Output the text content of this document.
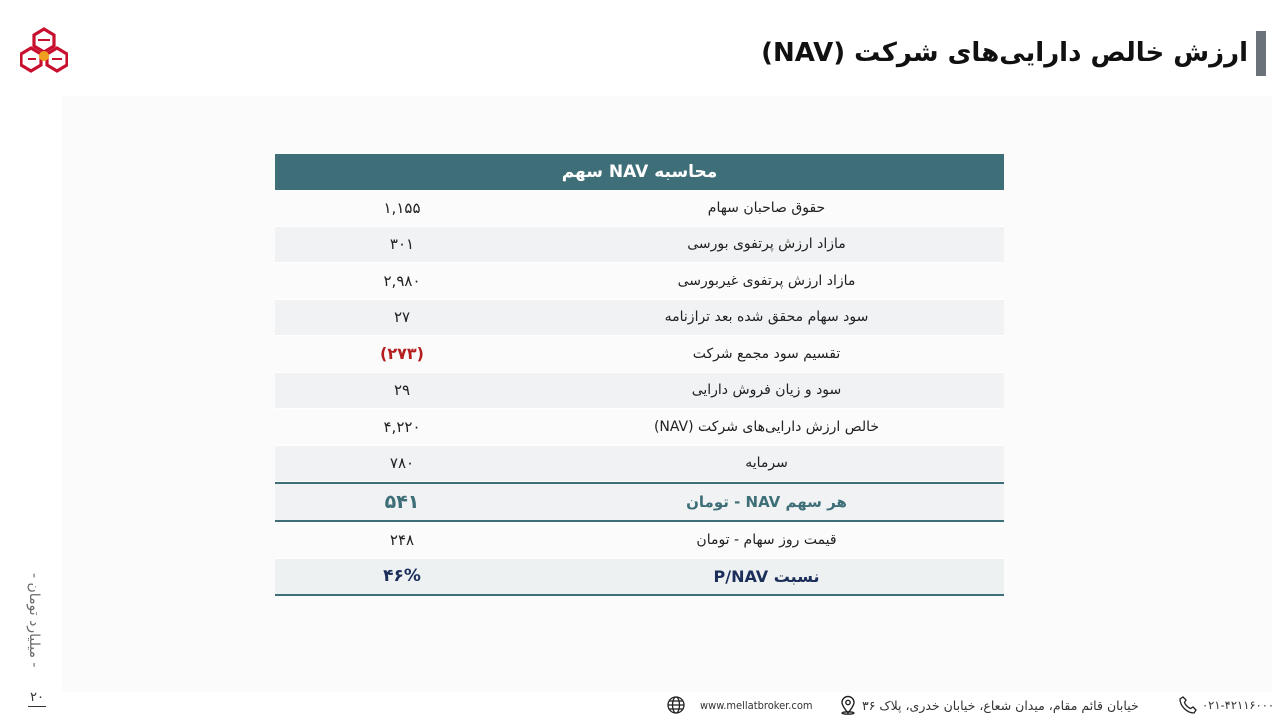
ارزش خالص دارایی‌های شرکت (NAV)
محاسبه NAV سهم
۱,۱۵۵	حقوق صاحبان سهام
۳۰۱	مازاد ارزش پرتفوی بورسی
۲,۹۸۰	مازاد ارزش پرتفوی غیربورسی
۲۷	سود سهام محقق شده بعد ترازنامه
(۲۷۳)	تقسیم سود مجمع شرکت
۲۹	سود و زیان فروش دارایی
۴,۲۲۰	خالص ارزش دارایی‌های شرکت (NAV)
۷۸۰	سرمایه
۵۴۱	هر سهم NAV - تومان
۲۴۸	قیمت روز سهام - تومان
۴۶%	نسبت P/NAV
- میلیارد تومان -
۲۰	www.mellatbroker.com	خیابان قائم مقام، میدان شعاع، خیابان خدری، پلاک ۳۶	۰۲۱-۴۲۱۱۶۰۰۰
